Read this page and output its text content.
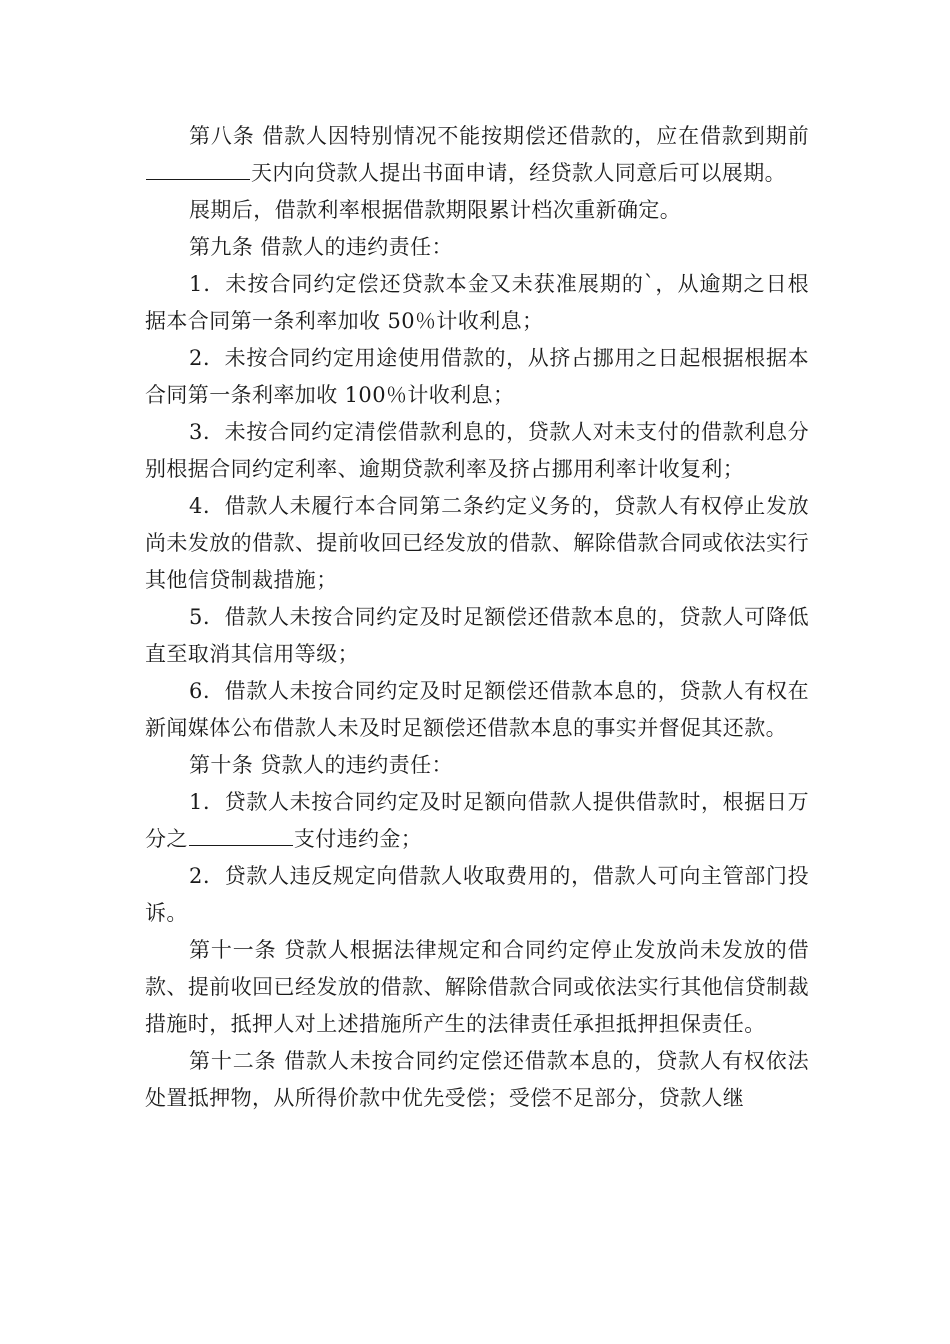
第八条 借款人因特别情况不能按期偿还借款的，应在借款到期前天内向贷款人提出书面申请，经贷款人同意后可以展期。

展期后，借款利率根据借款期限累计档次重新确定。

第九条 借款人的违约责任：

1．未按合同约定偿还贷款本金又未获准展期的`，从逾期之日根据本合同第一条利率加收 50％计收利息；

2．未按合同约定用途使用借款的，从挤占挪用之日起根据根据本合同第一条利率加收 100％计收利息；

3．未按合同约定清偿借款利息的，贷款人对未支付的借款利息分别根据合同约定利率、逾期贷款利率及挤占挪用利率计收复利；

4．借款人未履行本合同第二条约定义务的，贷款人有权停止发放尚未发放的借款、提前收回已经发放的借款、解除借款合同或依法实行其他信贷制裁措施；

5．借款人未按合同约定及时足额偿还借款本息的，贷款人可降低直至取消其信用等级；

6．借款人未按合同约定及时足额偿还借款本息的，贷款人有权在新闻媒体公布借款人未及时足额偿还借款本息的事实并督促其还款。

第十条 贷款人的违约责任：

1．贷款人未按合同约定及时足额向借款人提供借款时，根据日万分之	支付违约金；

2．贷款人违反规定向借款人收取费用的，借款人可向主管部门投诉。

第十一条 贷款人根据法律规定和合同约定停止发放尚未发放的借款、提前收回已经发放的借款、解除借款合同或依法实行其他信贷制裁措施时，抵押人对上述措施所产生的法律责任承担抵押担保责任。

第十二条 借款人未按合同约定偿还借款本息的，贷款人有权依法处置抵押物，从所得价款中优先受偿；受偿不足部分，贷款人继
